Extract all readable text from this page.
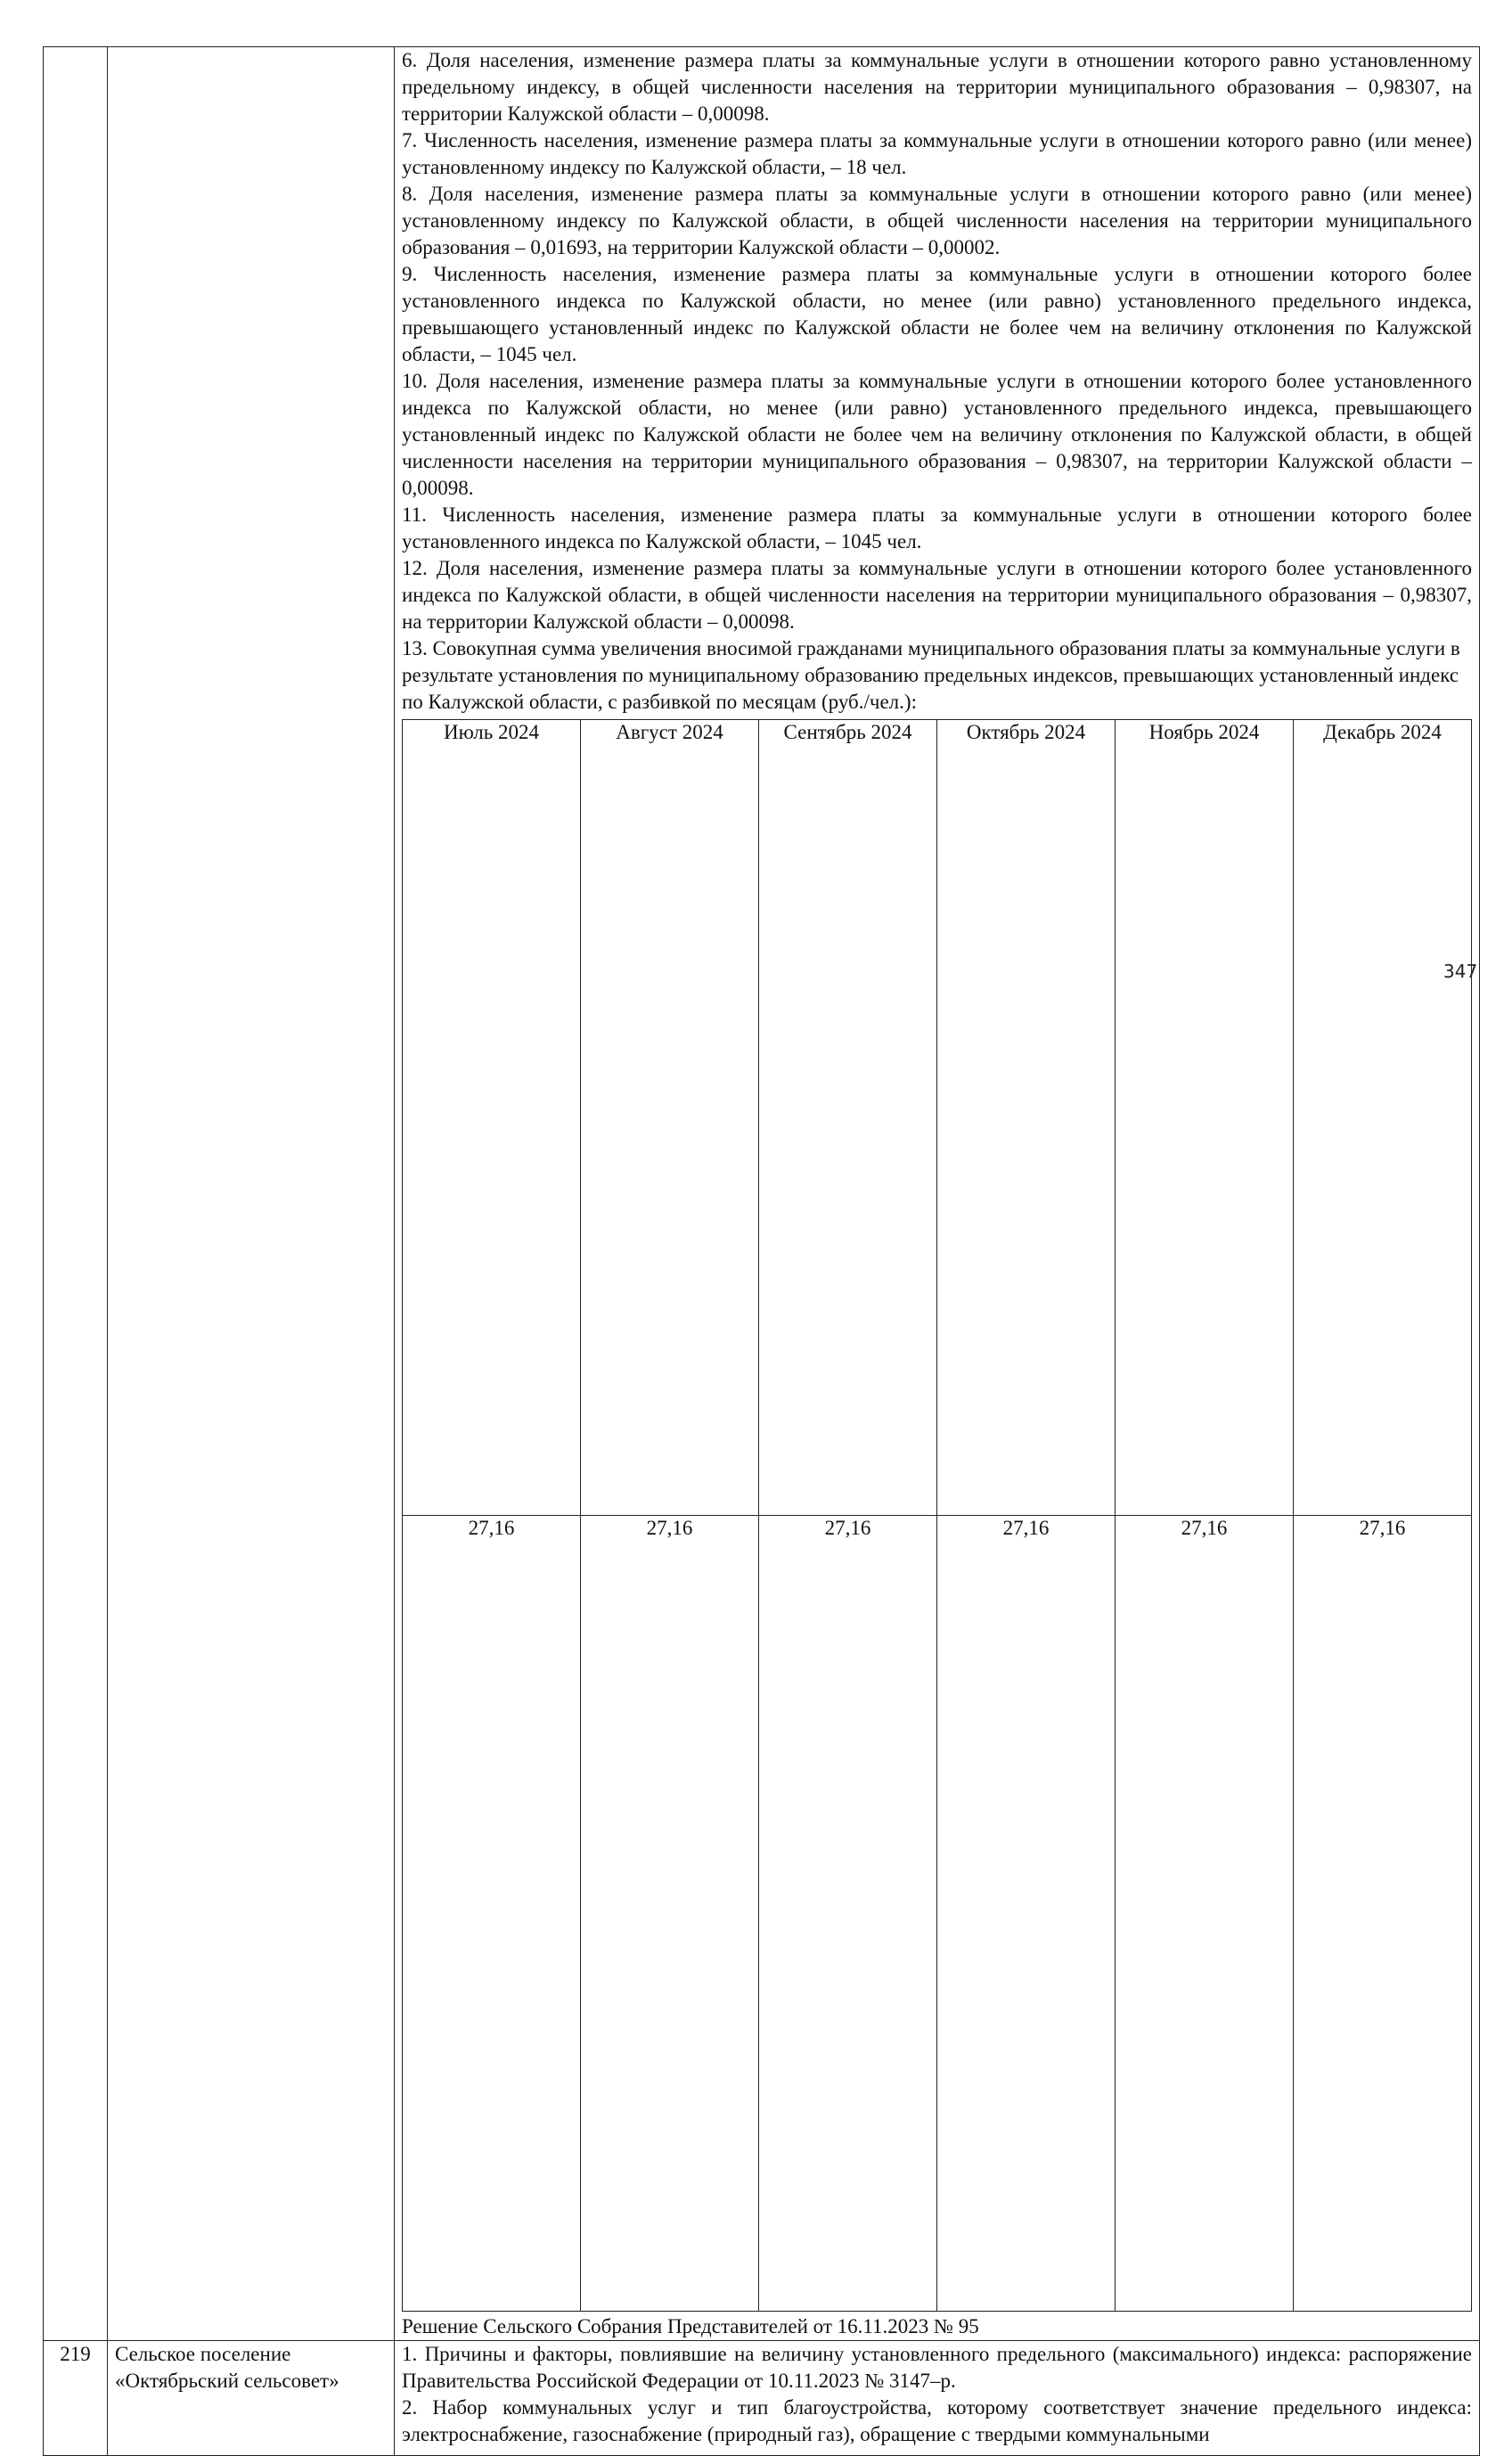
6. Доля населения, изменение размера платы за коммунальные услуги в отношении которого равно установленному предельному индексу, в общей численности населения на территории муниципального образования – 0,98307, на территории Калужской области – 0,00098.

7. Численность населения, изменение размера платы за коммунальные услуги в отношении которого равно (или менее) установленному индексу по Калужской области, – 18 чел.

8. Доля населения, изменение размера платы за коммунальные услуги в отношении которого равно (или менее) установленному индексу по Калужской области, в общей численности населения на территории муниципального образования – 0,01693, на территории Калужской области – 0,00002.

9. Численность населения, изменение размера платы за коммунальные услуги в отношении которого более установленного индекса по Калужской области, но менее (или равно) установленного предельного индекса, превышающего установленный индекс по Калужской области не более чем на величину отклонения по Калужской области, – 1045 чел.

10. Доля населения, изменение размера платы за коммунальные услуги в отношении которого более установленного индекса по Калужской области, но менее (или равно) установленного предельного индекса, превышающего установленный индекс по Калужской области не более чем на величину отклонения по Калужской области, в общей численности населения на территории муниципального образования – 0,98307, на территории Калужской области – 0,00098.

11. Численность населения, изменение размера платы за коммунальные услуги в отношении которого более установленного индекса по Калужской области, – 1045 чел.

12. Доля населения, изменение размера платы за коммунальные услуги в отношении которого более установленного индекса по Калужской области, в общей численности населения на территории муниципального образования – 0,98307, на территории Калужской области – 0,00098.

13. Совокупная сумма увеличения вносимой гражданами муниципального образования платы за коммунальные услуги в результате установления по муниципальному образованию предельных индексов, превышающих установленный индекс по Калужской области, с разбивкой по месяцам (руб./чел.):

Июль 2024	Август 2024	Сентябрь 2024	Октябрь 2024	Ноябрь 2024	Декабрь 2024
27,16	27,16	27,16	27,16	27,16	27,16

Решение Сельского Собрания Представителей от 16.11.2023 № 95

219	Сельское поселение
«Октябрьский сельсовет»

1. Причины и факторы, повлиявшие на величину установленного предельного (максимального) индекса: распоряжение Правительства Российской Федерации от 10.11.2023 № 3147–р.

2. Набор коммунальных услуг и тип благоустройства, которому соответствует значение предельного индекса: электроснабжение, газоснабжение (природный газ), обращение с твердыми коммунальными

347
